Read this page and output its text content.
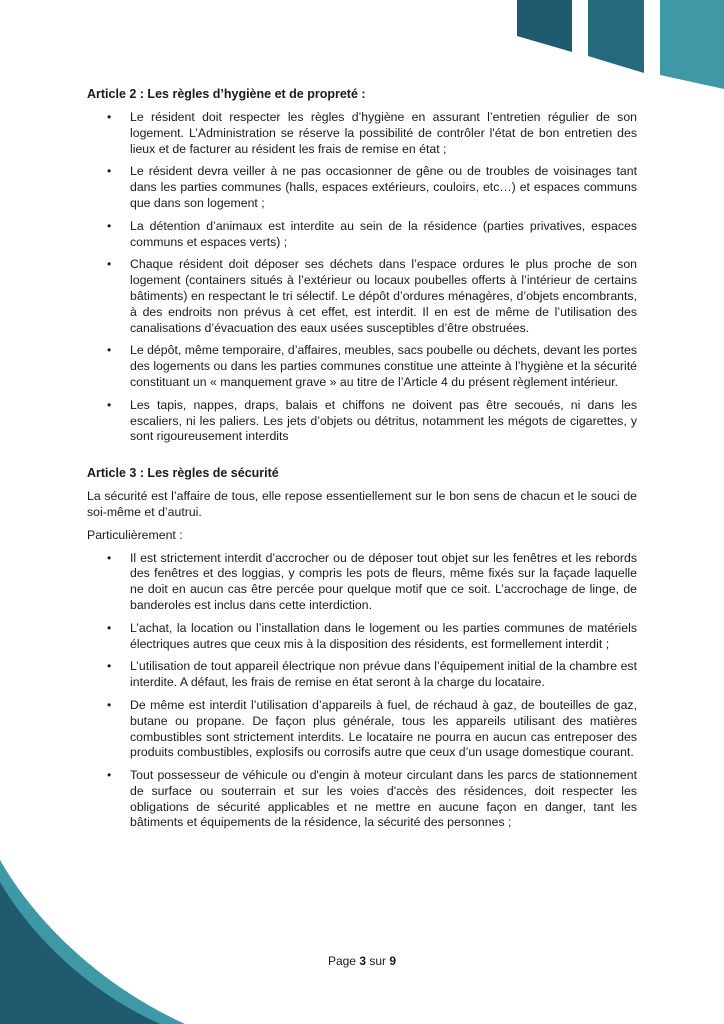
Article 2 : Les règles d’hygiène et de propreté :
• Le résident doit respecter les règles d’hygiène en assurant l’entretien régulier de son logement. L’Administration se réserve la possibilité de contrôler l'état de bon entretien des lieux et de facturer au résident les frais de remise en état ;
• Le résident devra veiller à ne pas occasionner de gêne ou de troubles de voisinages tant dans les parties communes (halls, espaces extérieurs, couloirs, etc…) et espaces communs que dans son logement ;
• La détention d’animaux est interdite au sein de la résidence (parties privatives, espaces communs et espaces verts) ;
• Chaque résident doit déposer ses déchets dans l’espace ordures le plus proche de son logement (containers situés à l’extérieur ou locaux poubelles offerts à l’intérieur de certains bâtiments) en respectant le tri sélectif. Le dépôt d’ordures ménagères, d’objets encombrants, à des endroits non prévus à cet effet, est interdit. Il en est de même de l’utilisation des canalisations d’évacuation des eaux usées susceptibles d’être obstruées.
• Le dépôt, même temporaire, d’affaires, meubles, sacs poubelle ou déchets, devant les portes des logements ou dans les parties communes constitue une atteinte à l’hygiène et la sécurité constituant un « manquement grave » au titre de l’Article 4 du présent règlement intérieur.
• Les tapis, nappes, draps, balais et chiffons ne doivent pas être secoués, ni dans les escaliers, ni les paliers. Les jets d’objets ou détritus, notamment les mégots de cigarettes, y sont rigoureusement interdits
Article 3 : Les règles de sécurité

La sécurité est l’affaire de tous, elle repose essentiellement sur le bon sens de chacun et le souci de soi-même et d’autrui.

Particulièrement :

• Il est strictement interdit d’accrocher ou de déposer tout objet sur les fenêtres et les rebords des fenêtres et des loggias, y compris les pots de fleurs, même fixés sur la façade laquelle ne doit en aucun cas être percée pour quelque motif que ce soit. L’accrochage de linge, de banderoles est inclus dans cette interdiction.
• L’achat, la location ou l’installation dans le logement ou les parties communes de matériels électriques autres que ceux mis à la disposition des résidents, est formellement interdit ;
• L’utilisation de tout appareil électrique non prévue dans l’équipement initial de la chambre est interdite. A défaut, les frais de remise en état seront à la charge du locataire.
• De même est interdit l’utilisation d’appareils à fuel, de réchaud à gaz, de bouteilles de gaz, butane ou propane. De façon plus générale, tous les appareils utilisant des matières combustibles sont strictement interdits. Le locataire ne pourra en aucun cas entreposer des produits combustibles, explosifs ou corrosifs autre que ceux d’un usage domestique courant.
• Tout possesseur de véhicule ou d'engin à moteur circulant dans les parcs de stationnement de surface ou souterrain et sur les voies d'accès des résidences, doit respecter les obligations de sécurité applicables et ne mettre en aucune façon en danger, tant les bâtiments et équipements de la résidence, la sécurité des personnes ;
Page 3 sur 9
